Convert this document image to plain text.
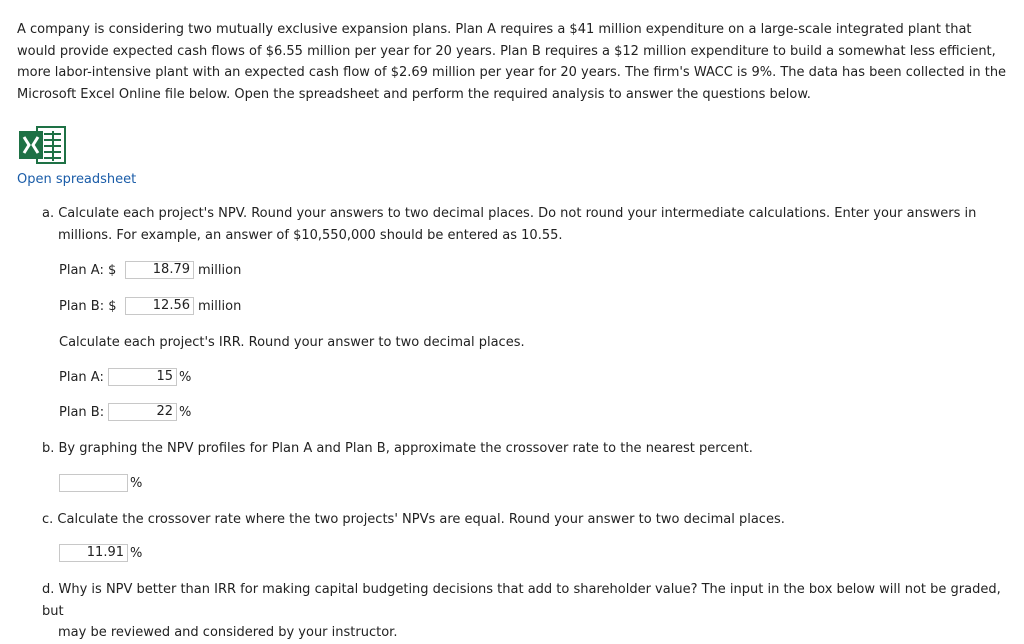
A company is considering two mutually exclusive expansion plans. Plan A requires a $41 million expenditure on a large-scale integrated plant that would provide expected cash flows of $6.55 million per year for 20 years. Plan B requires a $12 million expenditure to build a somewhat less efficient, more labor-intensive plant with an expected cash flow of $2.69 million per year for 20 years. The firm's WACC is 9%. The data has been collected in the Microsoft Excel Online file below. Open the spreadsheet and perform the required analysis to answer the questions below.

Open spreadsheet
a. Calculate each project's NPV. Round your answers to two decimal places. Do not round your intermediate calculations. Enter your answers in
millions. For example, an answer of $10,550,000 should be entered as 10.55.
Plan A: $	18.79 million
Plan B: $	12.56 million

Calculate each project's IRR. Round your answer to two decimal places.

Plan A:	15 %
Plan B:	22 %

b. By graphing the NPV profiles for Plan A and Plan B, approximate the crossover rate to the nearest percent.

%

c. Calculate the crossover rate where the two projects' NPVs are equal. Round your answer to two decimal places.

11.91 %
d. Why is NPV better than IRR for making capital budgeting decisions that add to shareholder value? The input in the box below will not be graded, but
may be reviewed and considered by your instructor.
